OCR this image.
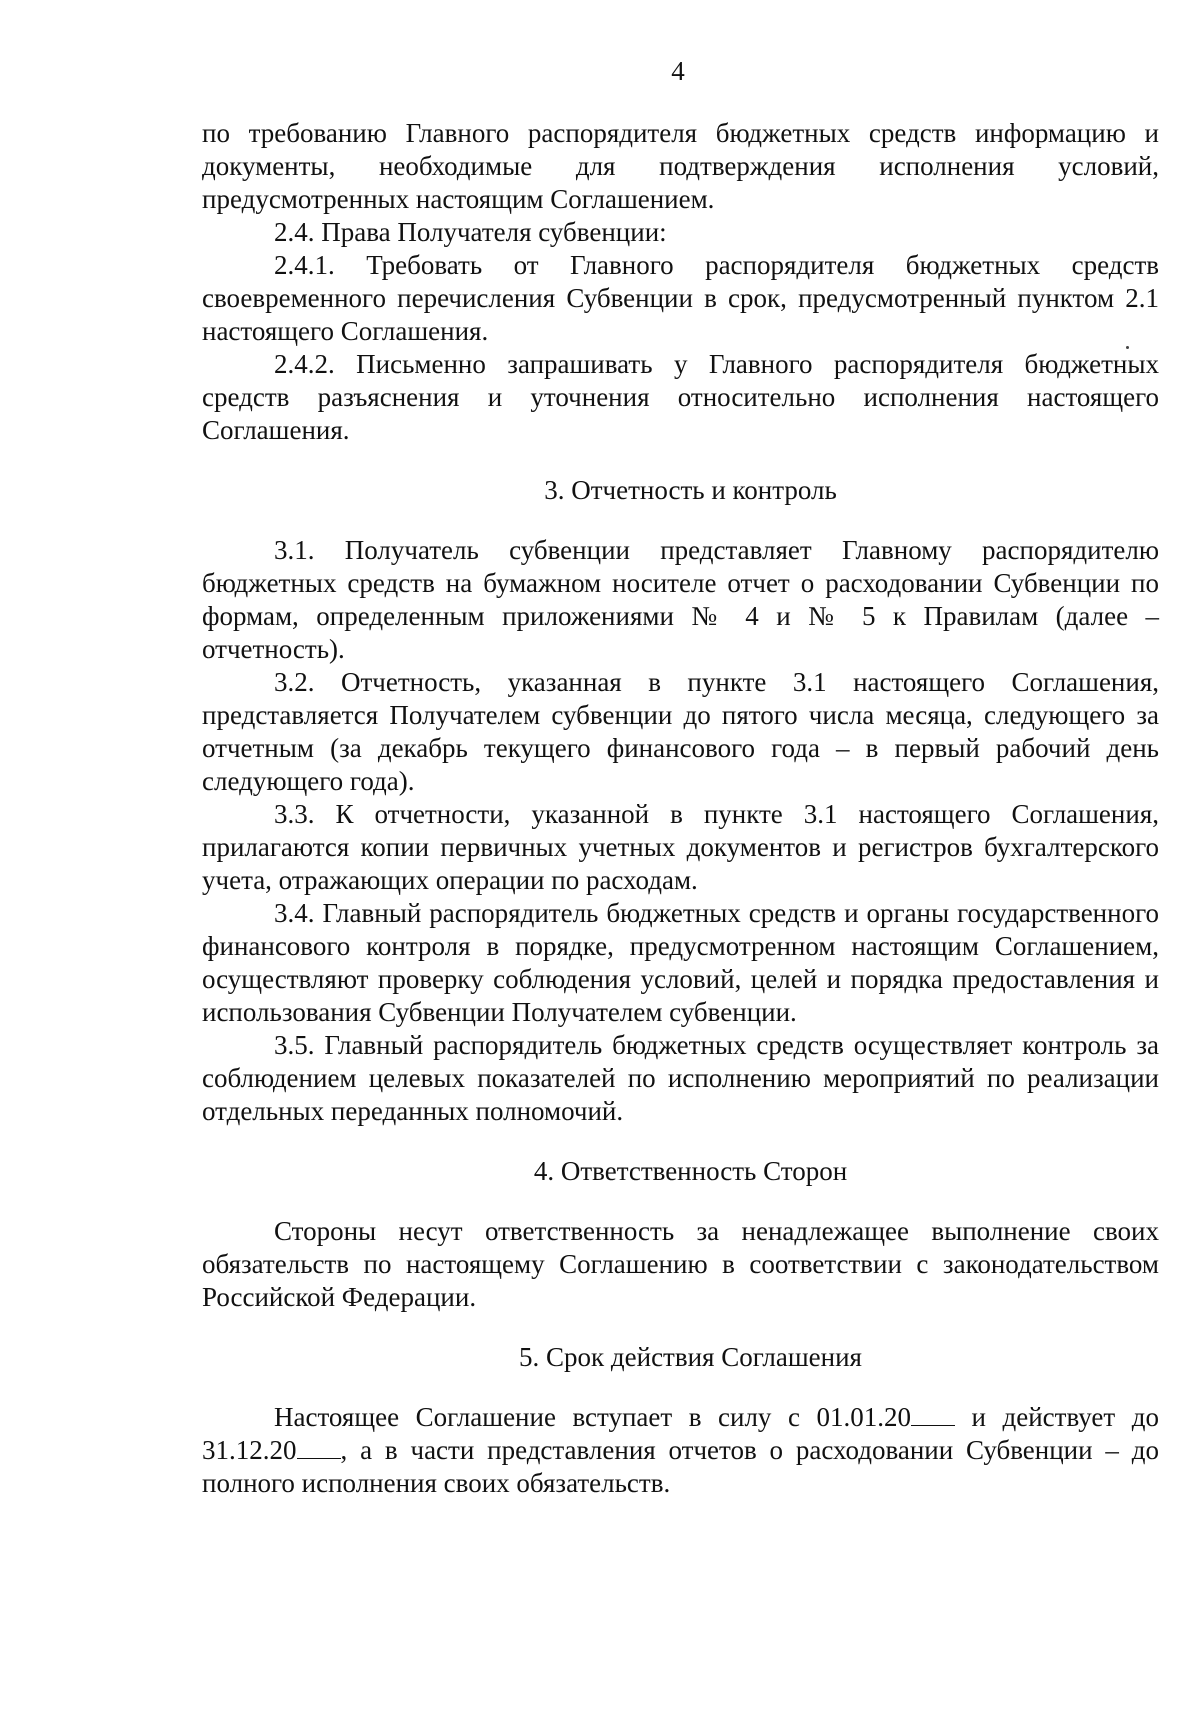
4

по требованию Главного распорядителя бюджетных средств информацию и документы, необходимые для подтверждения исполнения условий, предусмотренных настоящим Соглашением.

2.4. Права Получателя субвенции:

2.4.1. Требовать от Главного распорядителя бюджетных средств своевременного перечисления Субвенции в срок, предусмотренный пунктом 2.1 настоящего Соглашения.

2.4.2. Письменно запрашивать у Главного распорядителя бюджетных средств разъяснения и уточнения относительно исполнения настоящего Соглашения.

3. Отчетность и контроль

3.1. Получатель субвенции представляет Главному распорядителю бюджетных средств на бумажном носителе отчет о расходовании Субвенции по формам, определенным приложениями № 4 и № 5 к Правилам (далее – отчетность).

3.2. Отчетность, указанная в пункте 3.1 настоящего Соглашения, представляется Получателем субвенции до пятого числа месяца, следующего за отчетным (за декабрь текущего финансового года – в первый рабочий день следующего года).

3.3. К отчетности, указанной в пункте 3.1 настоящего Соглашения, прилагаются копии первичных учетных документов и регистров бухгалтерского учета, отражающих операции по расходам.

3.4. Главный распорядитель бюджетных средств и органы государственного финансового контроля в порядке, предусмотренном настоящим Соглашением, осуществляют проверку соблюдения условий, целей и порядка предоставления и использования Субвенции Получателем субвенции.

3.5. Главный распорядитель бюджетных средств осуществляет контроль за соблюдением целевых показателей по исполнению мероприятий по реализации отдельных переданных полномочий.

4. Ответственность Сторон

Стороны несут ответственность за ненадлежащее выполнение своих обязательств по настоящему Соглашению в соответствии с законодательством Российской Федерации.

5. Срок действия Соглашения

Настоящее Соглашение вступает в силу с 01.01.20 и действует до 31.12.20 , а в части представления отчетов о расходовании Субвенции – до полного исполнения своих обязательств.
